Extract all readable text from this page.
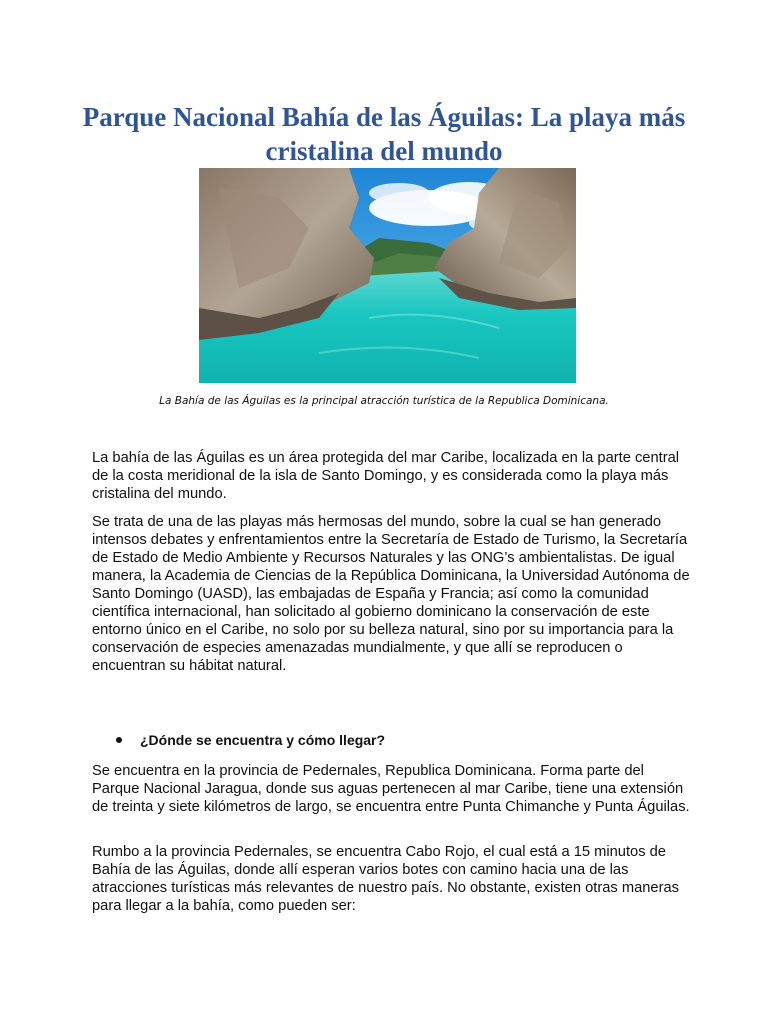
Parque Nacional Bahía de las Águilas: La playa más cristalina del mundo

La Bahía de las Águilas es la principal atracción turística de la Republica Dominicana.

La bahía de las Águilas es un área protegida del mar Caribe, localizada en la parte central de la costa meridional de la isla de Santo Domingo, y es considerada como la playa más cristalina del mundo.

Se trata de una de las playas más hermosas del mundo, sobre la cual se han generado intensos debates y enfrentamientos entre la Secretaría de Estado de Turismo, la Secretaría de Estado de Medio Ambiente y Recursos Naturales y las ONG’s ambientalistas. De igual manera, la Academia de Ciencias de la República Dominicana, la Universidad Autónoma de Santo Domingo (UASD), las embajadas de España y Francia; así como la comunidad científica internacional, han solicitado al gobierno dominicano la conservación de este entorno único en el Caribe, no solo por su belleza natural, sino por su importancia para la conservación de especies amenazadas mundialmente, y que allí se reproducen o encuentran su hábitat natural.

¿Dónde se encuentra y cómo llegar?

Se encuentra en la provincia de Pedernales, Republica Dominicana. Forma parte del Parque Nacional Jaragua, donde sus aguas pertenecen al mar Caribe, tiene una extensión de treinta y siete kilómetros de largo, se encuentra entre Punta Chimanche y Punta Águilas.

Rumbo a la provincia Pedernales, se encuentra Cabo Rojo, el cual está a 15 minutos de Bahía de las Águilas, donde allí esperan varios botes con camino hacia una de las atracciones turísticas más relevantes de nuestro país. No obstante, existen otras maneras para llegar a la bahía, como pueden ser:
